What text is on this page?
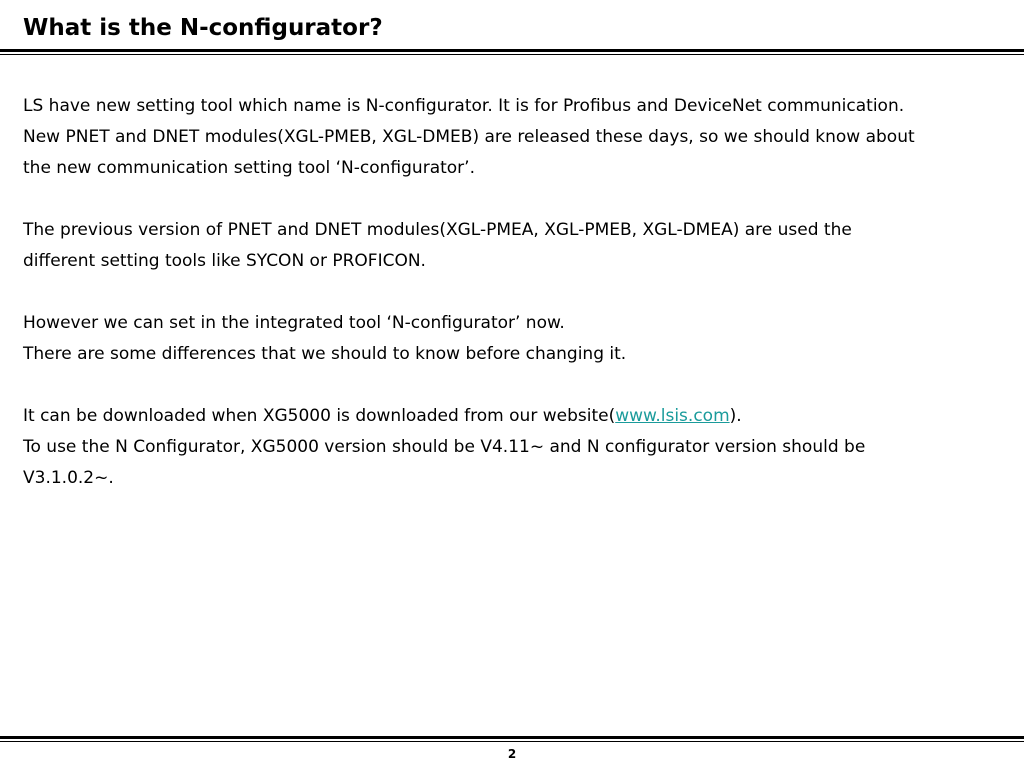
What is the N-configurator?

LS have new setting tool which name is N-configurator. It is for Profibus and DeviceNet communication.
New PNET and DNET modules(XGL-PMEB, XGL-DMEB) are released these days, so we should know about
the new communication setting tool ‘N-configurator’.

The previous version of PNET and DNET modules(XGL-PMEA, XGL-PMEB, XGL-DMEA) are used the
different setting tools like SYCON or PROFICON.

However we can set in the integrated tool ‘N-configurator’ now.
There are some differences that we should to know before changing it.

It can be downloaded when XG5000 is downloaded from our website(www.lsis.com).
To use the N Configurator, XG5000 version should be V4.11~ and N configurator version should be
V3.1.0.2~.

2
